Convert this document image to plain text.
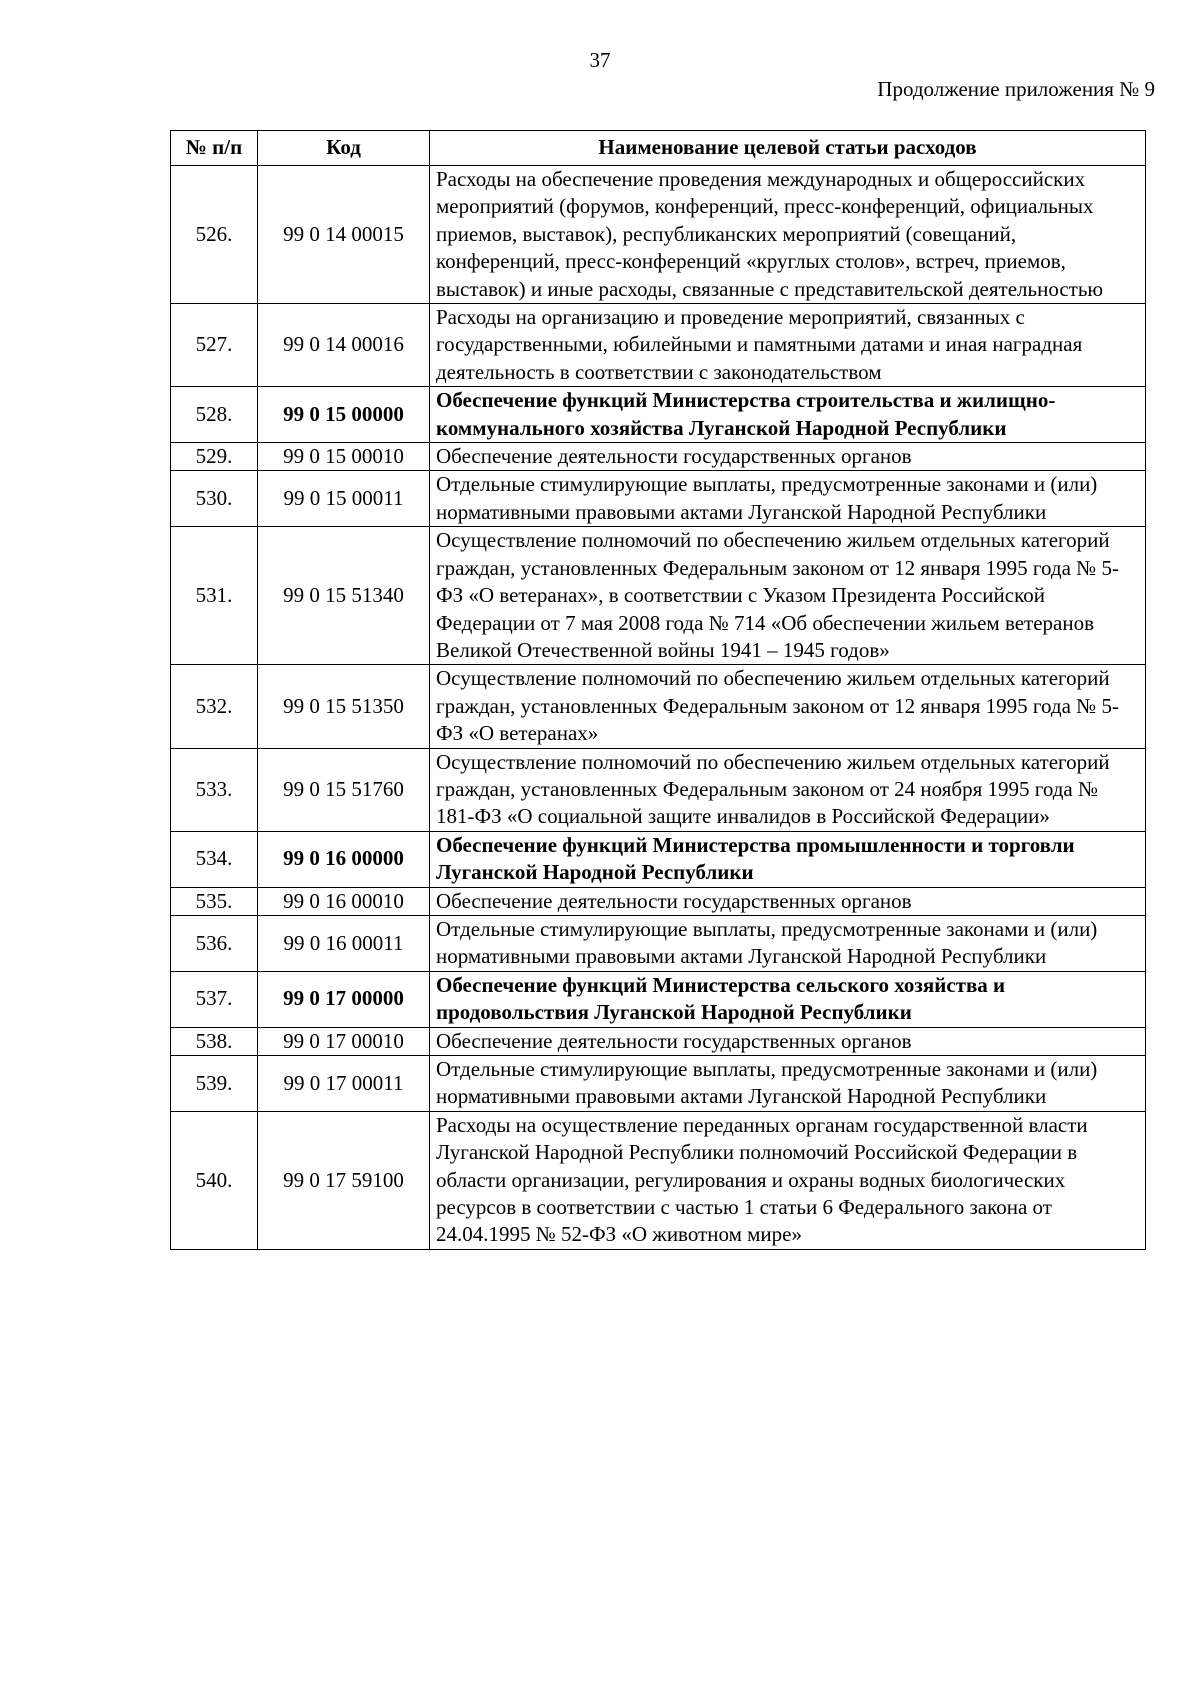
37
Продолжение приложения № 9
№ п/п	Код	Наименование целевой статьи расходов
526.	99 0 14 00015	Расходы на обеспечение проведения международных и общероссийских мероприятий (форумов, конференций, пресс-конференций, официальных приемов, выставок), республиканских мероприятий (совещаний, конференций, пресс-конференций «круглых столов», встреч, приемов, выставок) и иные расходы, связанные с представительской деятельностью
527.	99 0 14 00016	Расходы на организацию и проведение мероприятий, связанных с государственными, юбилейными и памятными датами и иная наградная деятельность в соответствии с законодательством
528.	99 0 15 00000	Обеспечение функций Министерства строительства и жилищно-коммунального хозяйства Луганской Народной Республики
529.	99 0 15 00010	Обеспечение деятельности государственных органов
530.	99 0 15 00011	Отдельные стимулирующие выплаты, предусмотренные законами и (или) нормативными правовыми актами Луганской Народной Республики
531.	99 0 15 51340	Осуществление полномочий по обеспечению жильем отдельных категорий граждан, установленных Федеральным законом от 12 января 1995 года № 5-ФЗ «О ветеранах», в соответствии с Указом Президента Российской Федерации от 7 мая 2008 года № 714 «Об обеспечении жильем ветеранов Великой Отечественной войны 1941 – 1945 годов»
532.	99 0 15 51350	Осуществление полномочий по обеспечению жильем отдельных категорий граждан, установленных Федеральным законом от 12 января 1995 года № 5-ФЗ «О ветеранах»
533.	99 0 15 51760	Осуществление полномочий по обеспечению жильем отдельных категорий граждан, установленных Федеральным законом от 24 ноября 1995 года № 181-ФЗ «О социальной защите инвалидов в Российской Федерации»
534.	99 0 16 00000	Обеспечение функций Министерства промышленности и торговли Луганской Народной Республики
535.	99 0 16 00010	Обеспечение деятельности государственных органов
536.	99 0 16 00011	Отдельные стимулирующие выплаты, предусмотренные законами и (или) нормативными правовыми актами Луганской Народной Республики
537.	99 0 17 00000	Обеспечение функций Министерства сельского хозяйства и продовольствия Луганской Народной Республики
538.	99 0 17 00010	Обеспечение деятельности государственных органов
539.	99 0 17 00011	Отдельные стимулирующие выплаты, предусмотренные законами и (или) нормативными правовыми актами Луганской Народной Республики
540.	99 0 17 59100	Расходы на осуществление переданных органам государственной власти Луганской Народной Республики полномочий Российской Федерации в области организации, регулирования и охраны водных биологических ресурсов в соответствии с частью 1 статьи 6 Федерального закона от 24.04.1995 № 52-ФЗ «О животном мире»
